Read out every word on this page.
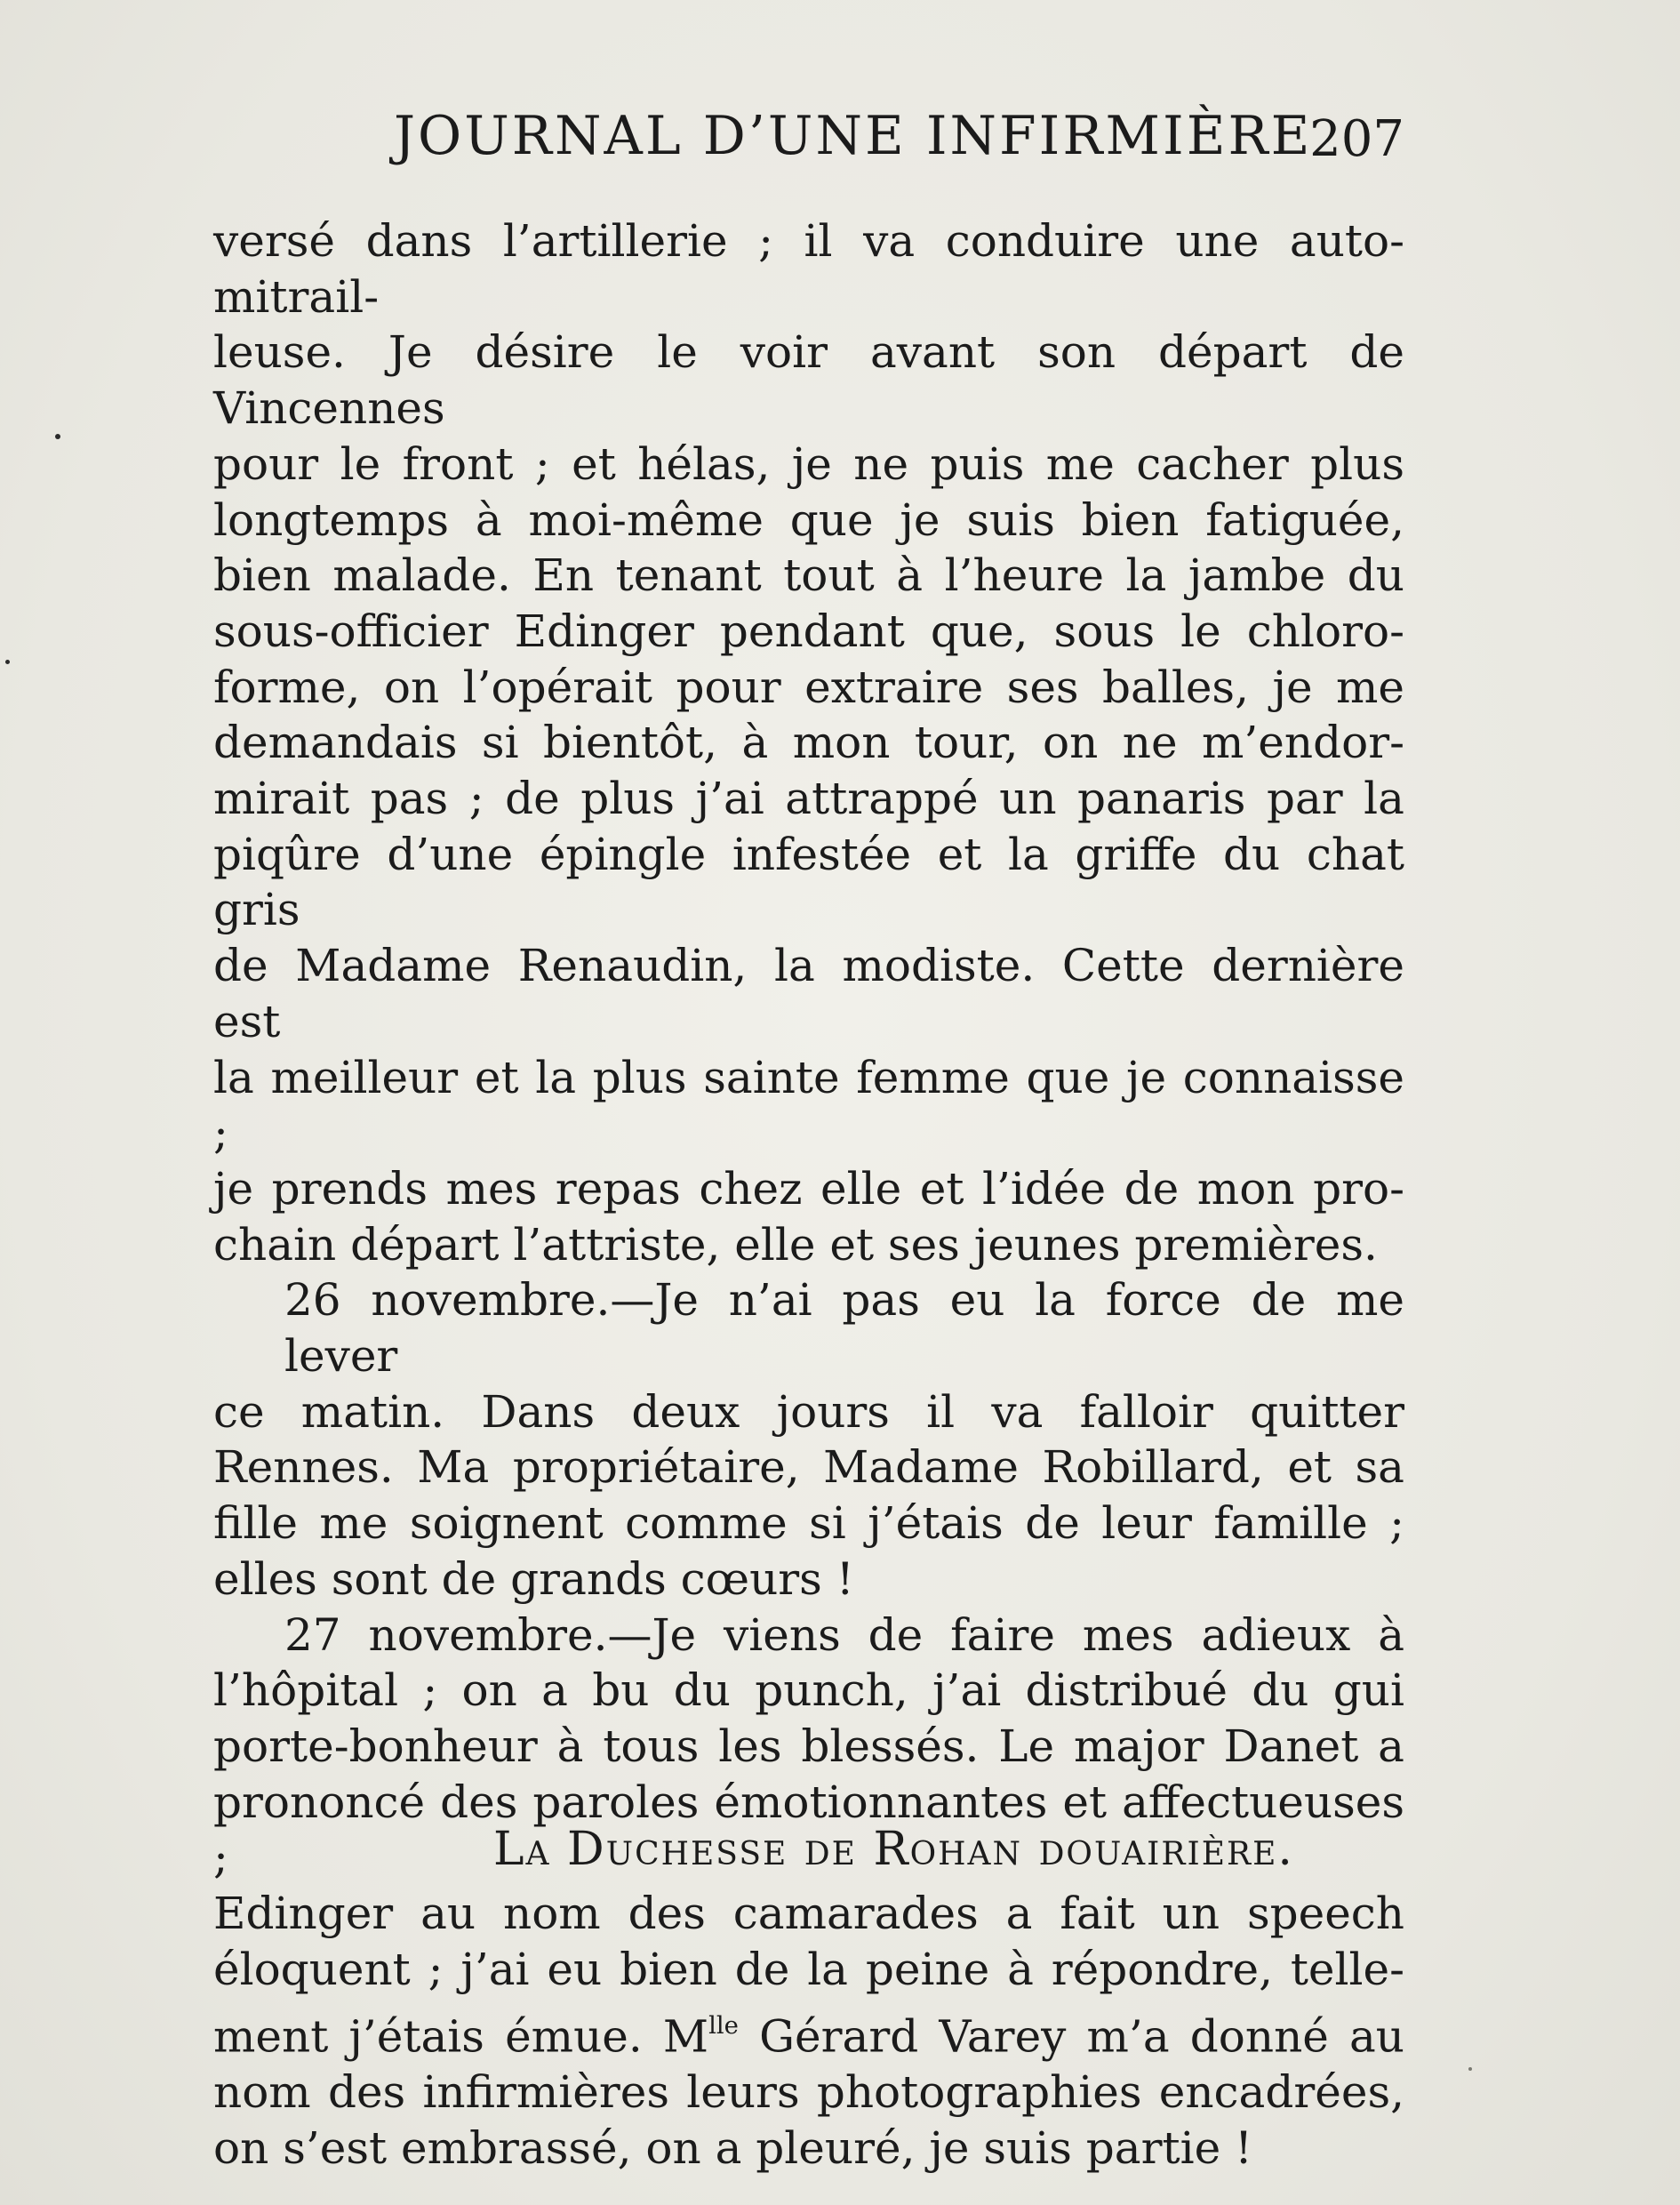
JOURNAL D’UNE INFIRMIÈRE
207

versé dans l’artillerie ; il va conduire une auto-mitrail-
leuse. Je désire le voir avant son départ de Vincennes
pour le front ; et hélas, je ne puis me cacher plus
longtemps à moi-même que je suis bien fatiguée,
bien malade. En tenant tout à l’heure la jambe du
sous-officier Edinger pendant que, sous le chloro-
forme, on l’opérait pour extraire ses balles, je me
demandais si bientôt, à mon tour, on ne m’endor-
mirait pas ; de plus j’ai attrappé un panaris par la
piqûre d’une épingle infestée et la griffe du chat gris
de Madame Renaudin, la modiste. Cette dernière est
la meilleur et la plus sainte femme que je connaisse ;
je prends mes repas chez elle et l’idée de mon pro-
chain départ l’attriste, elle et ses jeunes premières.

26 novembre.—Je n’ai pas eu la force de me lever
ce matin. Dans deux jours il va falloir quitter
Rennes. Ma propriétaire, Madame Robillard, et sa
fille me soignent comme si j’étais de leur famille ;
elles sont de grands cœurs !

27 novembre.—Je viens de faire mes adieux à
l’hôpital ; on a bu du punch, j’ai distribué du gui
porte-bonheur à tous les blessés. Le major Danet a
prononcé des paroles émotionnantes et affectueuses ;
Edinger au nom des camarades a fait un speech
éloquent ; j’ai eu bien de la peine à répondre, telle-
ment j’étais émue. $M^{lle}$ Gérard Varey m’a donné au
nom des infirmières leurs photographies encadrées,
on s’est embrassé, on a pleuré, je suis partie !

La Duchesse de Rohan douairière.
